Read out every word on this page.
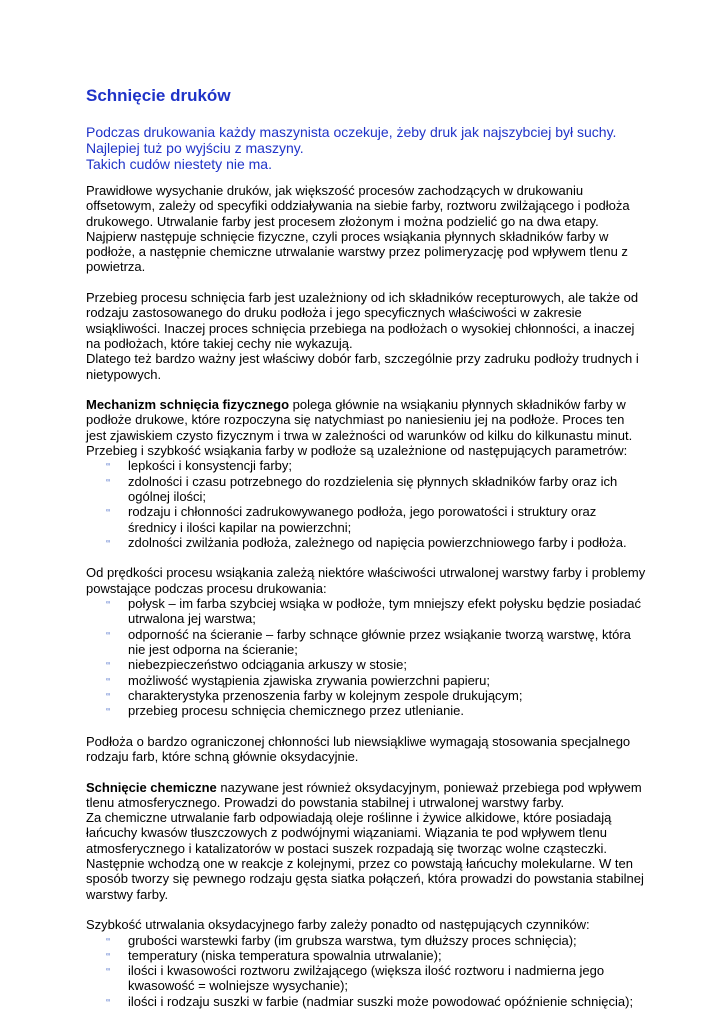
Schnięcie druków
Podczas drukowania każdy maszynista oczekuje, żeby druk jak najszybciej był suchy.
Najlepiej tuż po wyjściu z maszyny.
Takich cudów niestety nie ma.

Prawidłowe wysychanie druków, jak większość procesów zachodzących w drukowaniu offsetowym, zależy od specyfiki oddziaływania na siebie farby, roztworu zwilżającego i podłoża drukowego. Utrwalanie farby jest procesem złożonym i można podzielić go na dwa etapy. Najpierw następuje schnięcie fizyczne, czyli proces wsiąkania płynnych składników farby w podłoże, a następnie chemiczne utrwalanie warstwy przez polimeryzację pod wpływem tlenu z powietrza.

Przebieg procesu schnięcia farb jest uzależniony od ich składników recepturowych, ale także od rodzaju zastosowanego do druku podłoża i jego specyficznych właściwości w zakresie wsiąkliwości. Inaczej proces schnięcia przebiega na podłożach o wysokiej chłonności, a inaczej na podłożach, które takiej cechy nie wykazują.

Dlatego też bardzo ważny jest właściwy dobór farb, szczególnie przy zadruku podłoży trudnych i nietypowych.

Mechanizm schnięcia fizycznego polega głównie na wsiąkaniu płynnych składników farby w podłoże drukowe, które rozpoczyna się natychmiast po naniesieniu jej na podłoże. Proces ten jest zjawiskiem czysto fizycznym i trwa w zależności od warunków od kilku do kilkunastu minut.

Przebieg i szybkość wsiąkania farby w podłoże są uzależnione od następujących parametrów:

∞ lepkości i konsystencji farby;
∞ zdolności i czasu potrzebnego do rozdzielenia się płynnych składników farby oraz ich ogólnej ilości;
∞ rodzaju i chłonności zadrukowywanego podłoża, jego porowatości i struktury oraz średnicy i ilości kapilar na powierzchni;
∞ zdolności zwilżania podłoża, zależnego od napięcia powierzchniowego farby i podłoża.

Od prędkości procesu wsiąkania zależą niektóre właściwości utrwalonej warstwy farby i problemy powstające podczas procesu drukowania:

∞ połysk – im farba szybciej wsiąka w podłoże, tym mniejszy efekt połysku będzie posiadać utrwalona jej warstwa;
∞ odporność na ścieranie – farby schnące głównie przez wsiąkanie tworzą warstwę, która nie jest odporna na ścieranie;
∞ niebezpieczeństwo odciągania arkuszy w stosie;
∞ możliwość wystąpienia zjawiska zrywania powierzchni papieru;
∞ charakterystyka przenoszenia farby w kolejnym zespole drukującym;
∞ przebieg procesu schnięcia chemicznego przez utlenianie.

Podłoża o bardzo ograniczonej chłonności lub niewsiąkliwe wymagają stosowania specjalnego rodzaju farb, które schną głównie oksydacyjnie.

Schnięcie chemiczne nazywane jest również oksydacyjnym, ponieważ przebiega pod wpływem tlenu atmosferycznego. Prowadzi do powstania stabilnej i utrwalonej warstwy farby.

Za chemiczne utrwalanie farb odpowiadają oleje roślinne i żywice alkidowe, które posiadają łańcuchy kwasów tłuszczowych z podwójnymi wiązaniami. Wiązania te pod wpływem tlenu atmosferycznego i katalizatorów w postaci suszek rozpadają się tworząc wolne cząsteczki. Następnie wchodzą one w reakcje z kolejnymi, przez co powstają łańcuchy molekularne. W ten sposób tworzy się pewnego rodzaju gęsta siatka połączeń, która prowadzi do powstania stabilnej warstwy farby.

Szybkość utrwalania oksydacyjnego farby zależy ponadto od następujących czynników:

∞ grubości warstewki farby (im grubsza warstwa, tym dłuższy proces schnięcia);
∞ temperatury (niska temperatura spowalnia utrwalanie);
∞ ilości i kwasowości roztworu zwilżającego (większa ilość roztworu i nadmierna jego kwasowość = wolniejsze wysychanie);
∞ ilości i rodzaju suszki w farbie (nadmiar suszki może powodować opóźnienie schnięcia);
